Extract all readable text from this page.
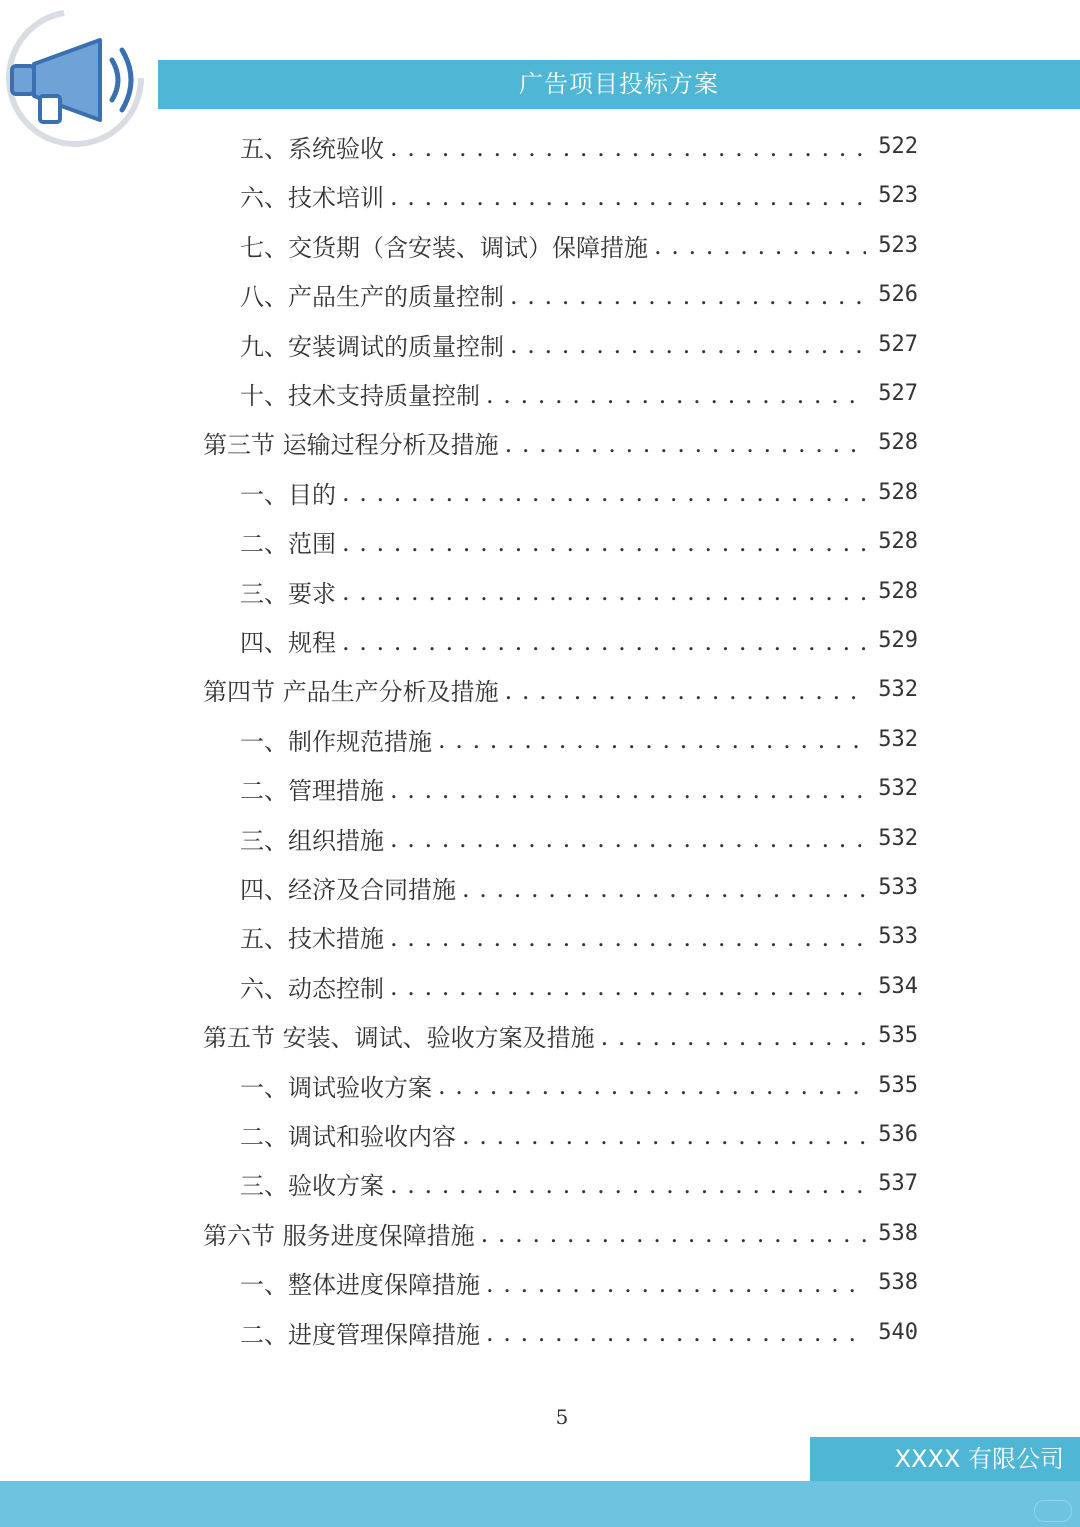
广告项目投标方案
五、系统验收 . . .	522
六、技术培训 . . .	523
七、交货期（含安装、调试）保障措施 . . .	523
八、产品生产的质量控制 . . .	526
九、安装调试的质量控制 . . .	527
十、技术支持质量控制 . . .	527
第三节 运输过程分析及措施 . . .	528
一、目的 . . .	528
二、范围 . . .	528
三、要求 . . .	528
四、规程 . . .	529
第四节 产品生产分析及措施 . . .	532
一、制作规范措施 . . .	532
二、管理措施 . . .	532
三、组织措施 . . .	532
四、经济及合同措施 . . .	533
五、技术措施 . . .	533
六、动态控制 . . .	534
第五节 安装、调试、验收方案及措施 . . .	535
一、调试验收方案 . . .	535
二、调试和验收内容 . . .	536
三、验收方案 . . .	537
第六节 服务进度保障措施 . . .	538
一、整体进度保障措施 . . .	538
二、进度管理保障措施 . . .	540
5
XXXX 有限公司
